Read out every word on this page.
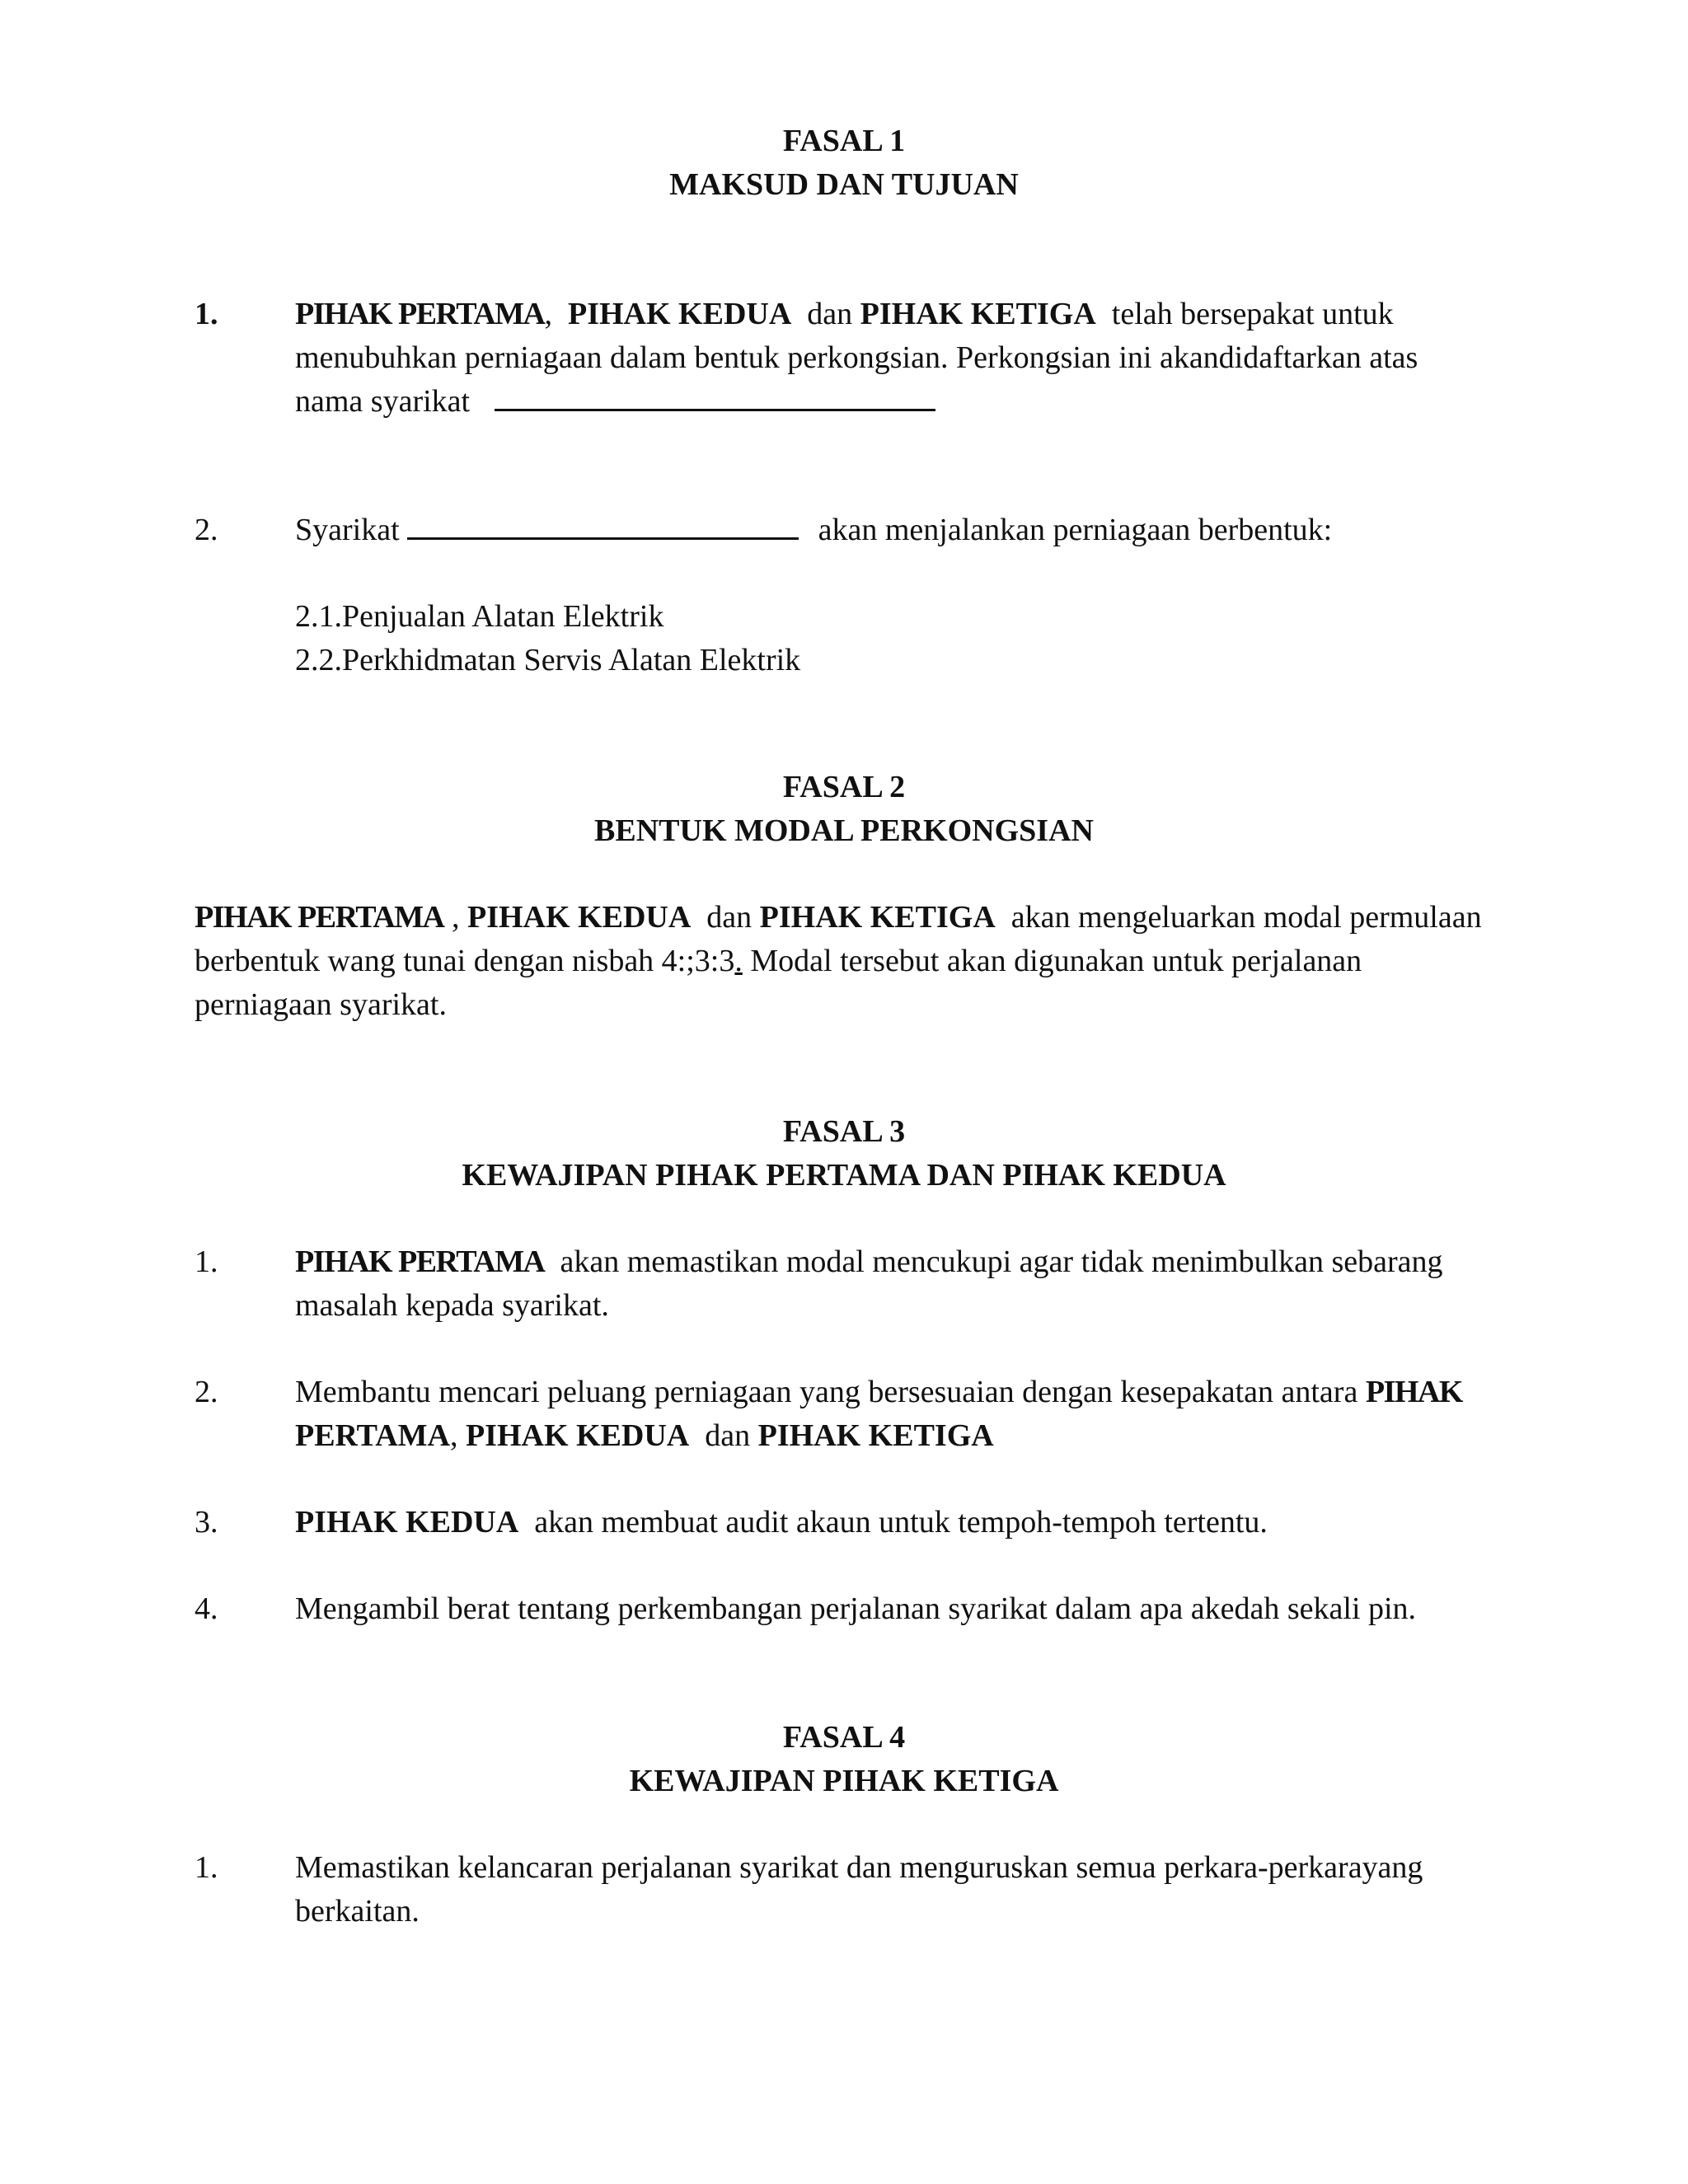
FASAL 1
MAKSUD DAN TUJUAN
1.	PIHAK PERTAMA,  PIHAK KEDUA  dan PIHAK KETIGA  telah bersepakat untuk
menubuhkan perniagaan dalam bentuk perkongsian. Perkongsian ini akandidaftarkan atas
nama syarikat
2.	Syarikat	akan menjalankan perniagaan berbentuk:
2.1.Penjualan Alatan Elektrik
2.2.Perkhidmatan Servis Alatan Elektrik
FASAL 2
BENTUK MODAL PERKONGSIAN
PIHAK PERTAMA , PIHAK KEDUA  dan PIHAK KETIGA  akan mengeluarkan modal permulaan
berbentuk wang tunai dengan nisbah 4:;3:3. Modal tersebut akan digunakan untuk perjalanan
perniagaan syarikat.
FASAL 3
KEWAJIPAN PIHAK PERTAMA DAN PIHAK KEDUA
1.	PIHAK PERTAMA  akan memastikan modal mencukupi agar tidak menimbulkan sebarang
masalah kepada syarikat.
2.	Membantu mencari peluang perniagaan yang bersesuaian dengan kesepakatan antara PIHAK
PERTAMA, PIHAK KEDUA  dan PIHAK KETIGA
3.	PIHAK KEDUA  akan membuat audit akaun untuk tempoh-tempoh tertentu.
4.	Mengambil berat tentang perkembangan perjalanan syarikat dalam apa akedah sekali pin.
FASAL 4
KEWAJIPAN PIHAK KETIGA
1.	Memastikan kelancaran perjalanan syarikat dan menguruskan semua perkara-perkarayang
berkaitan.
